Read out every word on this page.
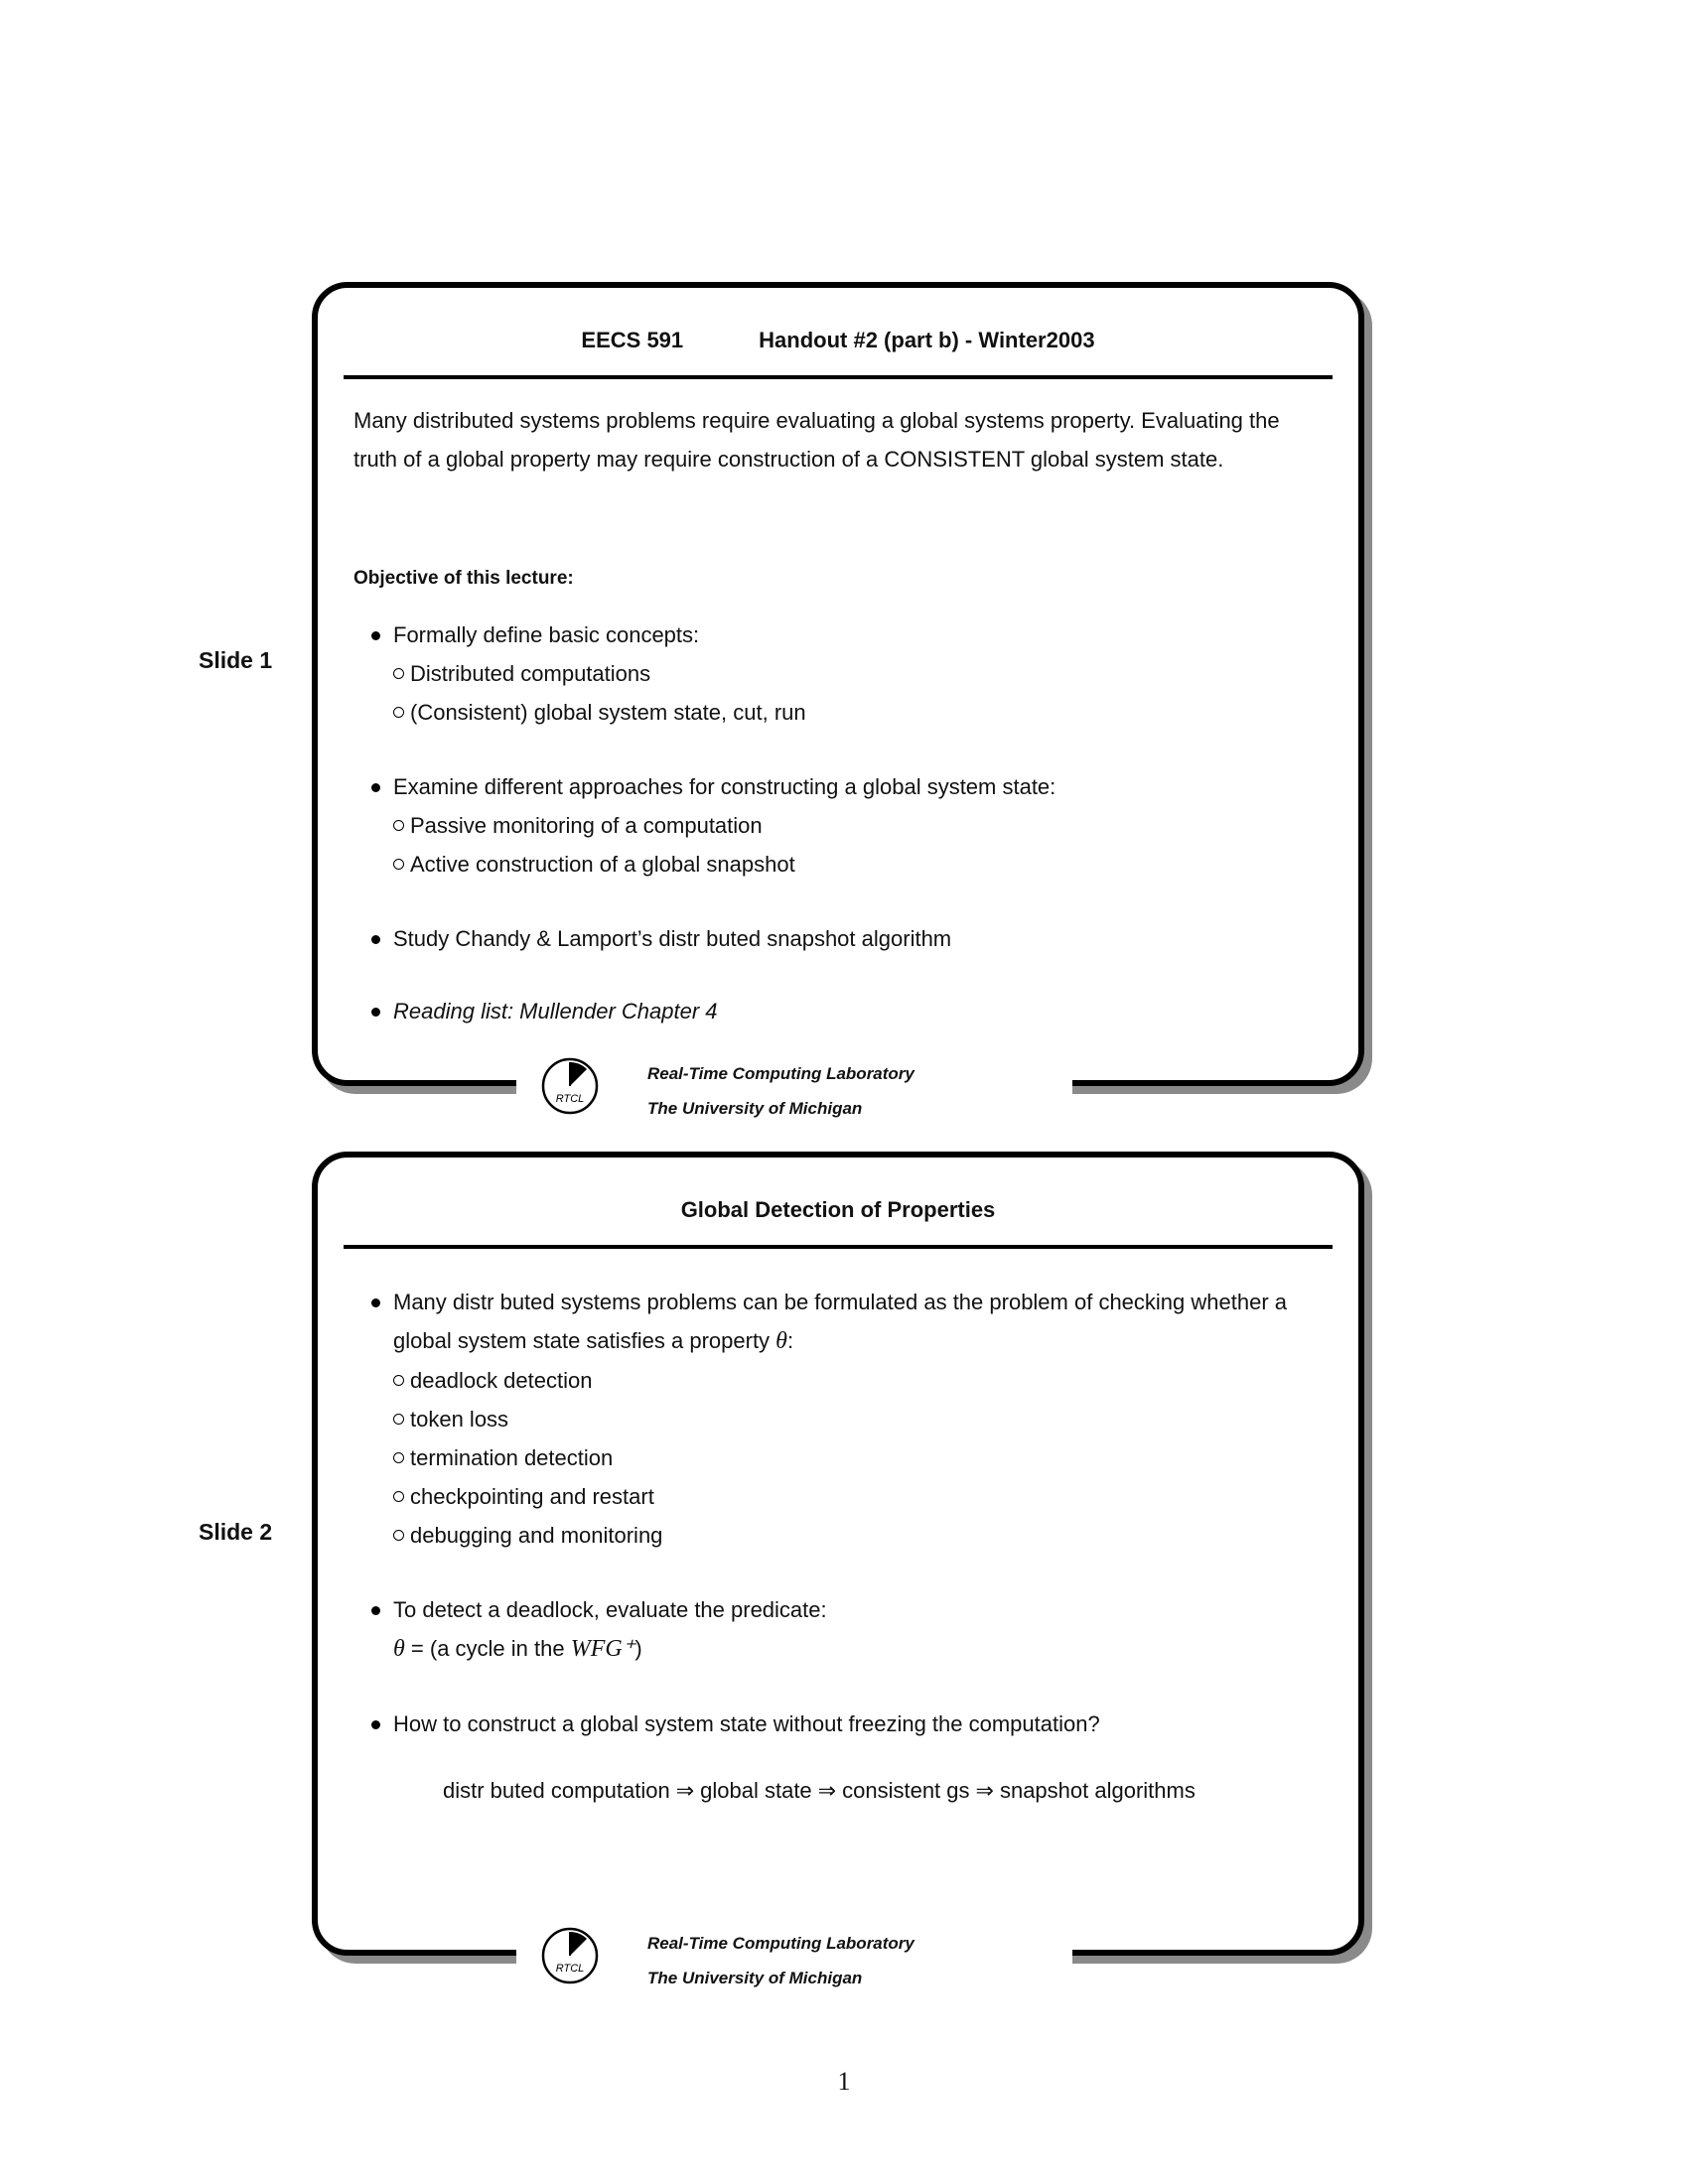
Slide 1
EECS 591	Handout #2 (part b) - Winter2003
Many distributed systems problems require evaluating a global systems property. Evaluating the truth of a global property may require construction of a CONSISTENT global system state.
Objective of this lecture:
Formally define basic concepts:
Distributed computations
(Consistent) global system state, cut, run
Examine different approaches for constructing a global system state:
Passive monitoring of a computation
Active construction of a global snapshot
Study Chandy & Lamport’s distr buted snapshot algorithm
Reading list: Mullender Chapter 4
RTCL
Real-Time Computing Laboratory
The University of Michigan
Slide 2
Global Detection of Properties
Many distr buted systems problems can be formulated as the problem of checking whether a
global system state satisfies a property θ:
deadlock detection
token loss
termination detection
checkpointing and restart
debugging and monitoring
To detect a deadlock, evaluate the predicate:
θ = (a cycle in the WFG⁺)
How to construct a global system state without freezing the computation?
distr buted computation ⇒ global state ⇒ consistent gs ⇒ snapshot algorithms
RTCL
Real-Time Computing Laboratory
The University of Michigan
1
